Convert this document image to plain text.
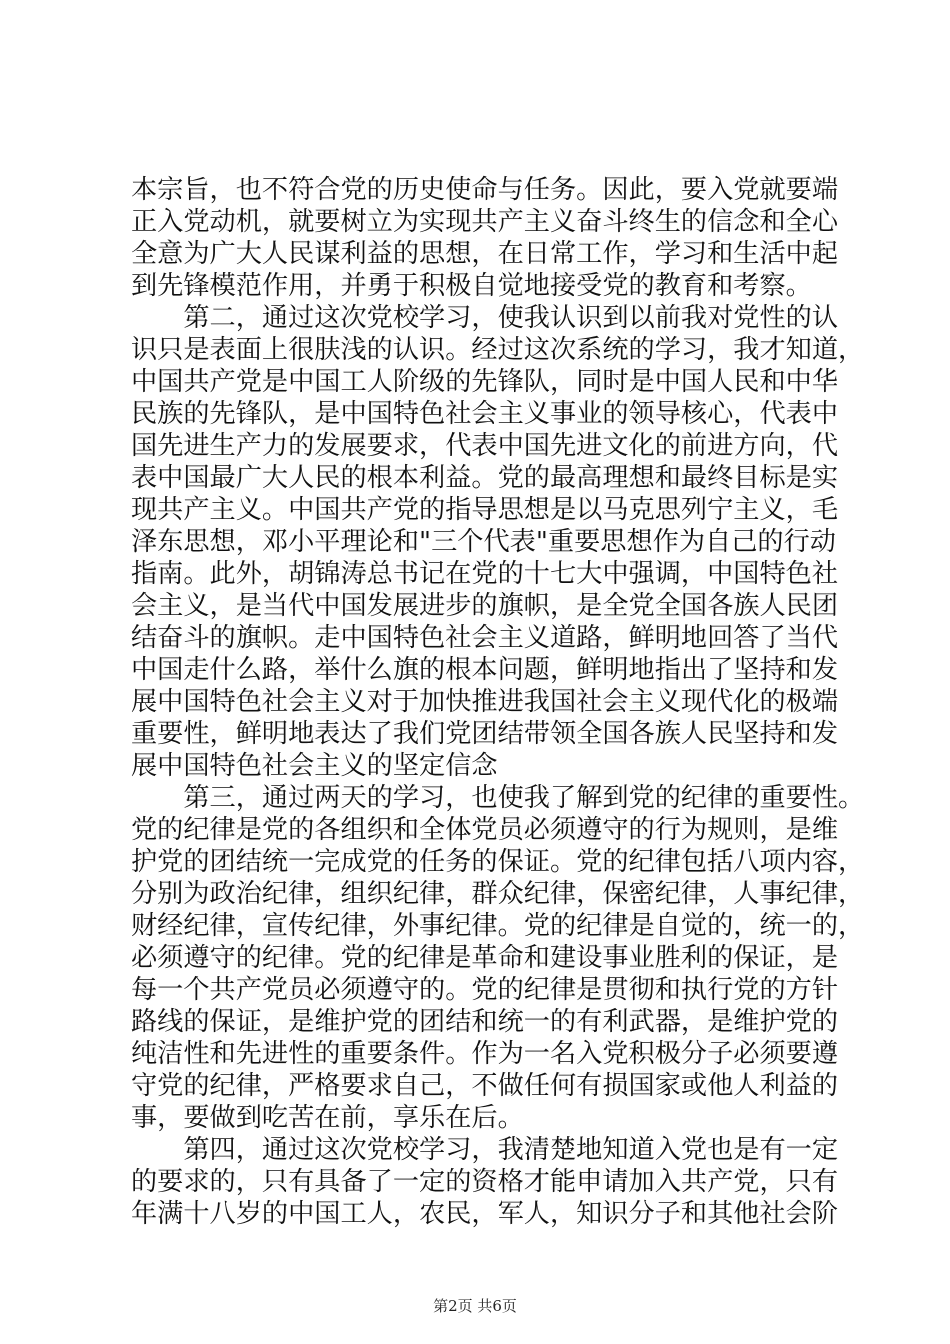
本宗旨，也不符合党的历史使命与任务。因此，要入党就要端
正入党动机，就要树立为实现共产主义奋斗终生的信念和全心
全意为广大人民谋利益的思想，在日常工作，学习和生活中起
到先锋模范作用，并勇于积极自觉地接受党的教育和考察。
　　第二，通过这次党校学习，使我认识到以前我对党性的认
识只是表面上很肤浅的认识。经过这次系统的学习，我才知道，
中国共产党是中国工人阶级的先锋队，同时是中国人民和中华
民族的先锋队，是中国特色社会主义事业的领导核心，代表中
国先进生产力的发展要求，代表中国先进文化的前进方向，代
表中国最广大人民的根本利益。党的最高理想和最终目标是实
现共产主义。中国共产党的指导思想是以马克思列宁主义，毛
泽东思想，邓小平理论和"三个代表"重要思想作为自己的行动
指南。此外，胡锦涛总书记在党的十七大中强调，中国特色社
会主义，是当代中国发展进步的旗帜，是全党全国各族人民团
结奋斗的旗帜。走中国特色社会主义道路，鲜明地回答了当代
中国走什么路，举什么旗的根本问题，鲜明地指出了坚持和发
展中国特色社会主义对于加快推进我国社会主义现代化的极端
重要性，鲜明地表达了我们党团结带领全国各族人民坚持和发
展中国特色社会主义的坚定信念
　　第三，通过两天的学习，也使我了解到党的纪律的重要性。
党的纪律是党的各组织和全体党员必须遵守的行为规则，是维
护党的团结统一完成党的任务的保证。党的纪律包括八项内容，
分别为政治纪律，组织纪律，群众纪律，保密纪律，人事纪律，
财经纪律，宣传纪律，外事纪律。党的纪律是自觉的，统一的，
必须遵守的纪律。党的纪律是革命和建设事业胜利的保证，是
每一个共产党员必须遵守的。党的纪律是贯彻和执行党的方针
路线的保证，是维护党的团结和统一的有利武器，是维护党的
纯洁性和先进性的重要条件。作为一名入党积极分子必须要遵
守党的纪律，严格要求自己，不做任何有损国家或他人利益的
事，要做到吃苦在前，享乐在后。
　　第四，通过这次党校学习，我清楚地知道入党也是有一定
的要求的，只有具备了一定的资格才能申请加入共产党，只有
年满十八岁的中国工人，农民，军人，知识分子和其他社会阶
第2页 共6页
